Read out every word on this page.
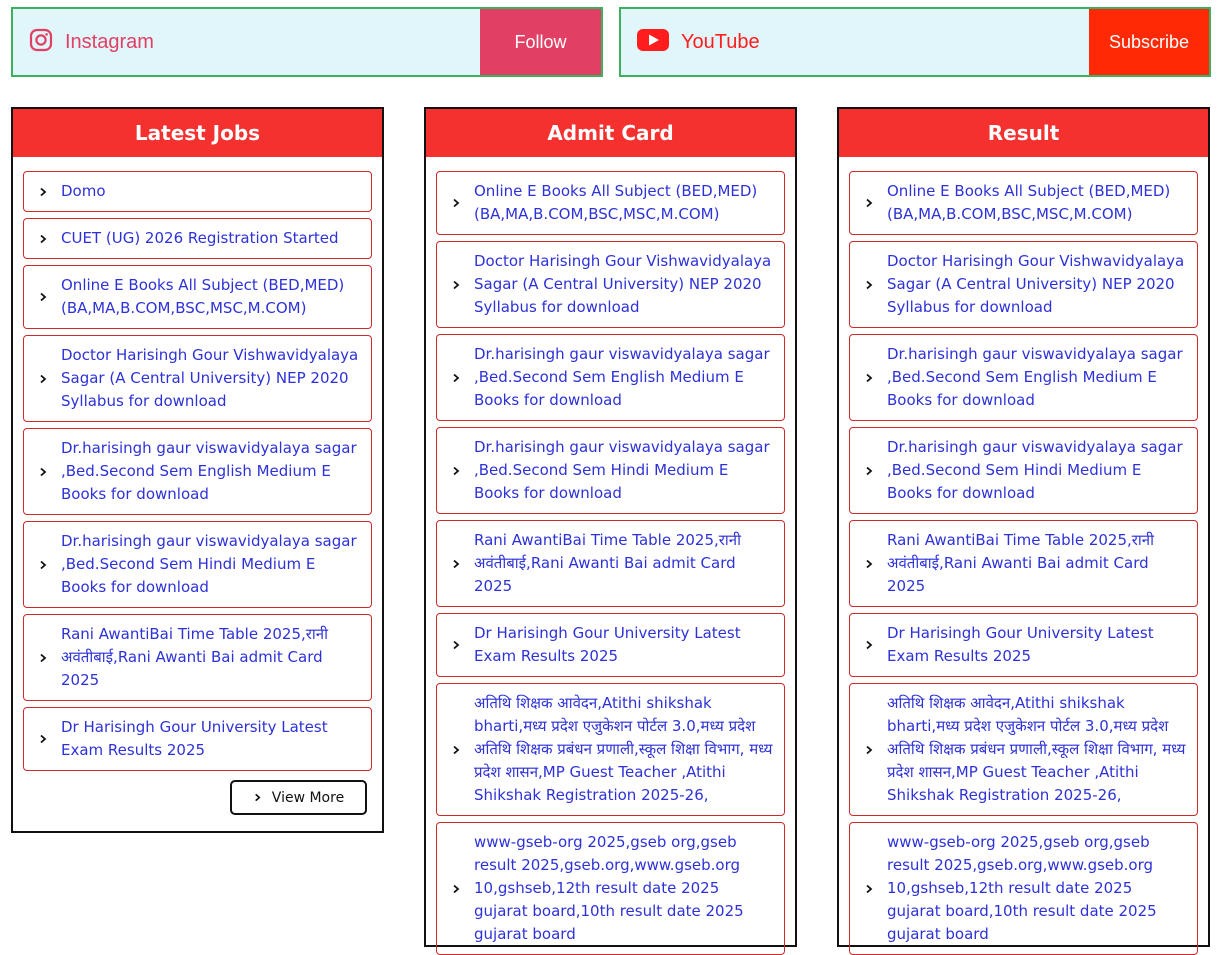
Instagram	Follow	YouTube	Subscribe
Latest Jobs
Domo
CUET (UG) 2026 Registration Started
Online E Books All Subject (BED,MED) (BA,MA,B.COM,BSC,MSC,M.COM)
Doctor Harisingh Gour Vishwavidyalaya Sagar (A Central University) NEP 2020 Syllabus for download
Dr.harisingh gaur viswavidyalaya sagar ,Bed.Second Sem English Medium E Books for download
Dr.harisingh gaur viswavidyalaya sagar ,Bed.Second Sem Hindi Medium E Books for download
Rani AwantiBai Time Table 2025,रानी अवंतीबाई,Rani Awanti Bai admit Card 2025
Dr Harisingh Gour University Latest Exam Results 2025
View More
Admit Card
Online E Books All Subject (BED,MED) (BA,MA,B.COM,BSC,MSC,M.COM)
Doctor Harisingh Gour Vishwavidyalaya Sagar (A Central University) NEP 2020 Syllabus for download
Dr.harisingh gaur viswavidyalaya sagar ,Bed.Second Sem English Medium E Books for download
Dr.harisingh gaur viswavidyalaya sagar ,Bed.Second Sem Hindi Medium E Books for download
Rani AwantiBai Time Table 2025,रानी अवंतीबाई,Rani Awanti Bai admit Card 2025
Dr Harisingh Gour University Latest Exam Results 2025
अतिथि शिक्षक आवेदन,Atithi shikshak bharti,मध्य प्रदेश एजुकेशन पोर्टल 3.0,मध्य प्रदेश अतिथि शिक्षक प्रबंधन प्रणाली,स्कूल शिक्षा विभाग, मध्य प्रदेश शासन,MP Guest Teacher ,Atithi Shikshak Registration 2025-26,
www-gseb-org 2025,gseb org,gseb result 2025,gseb.org,www.gseb.org 10,gshseb,12th result date 2025 gujarat board,10th result date 2025 gujarat board
Result
Online E Books All Subject (BED,MED) (BA,MA,B.COM,BSC,MSC,M.COM)
Doctor Harisingh Gour Vishwavidyalaya Sagar (A Central University) NEP 2020 Syllabus for download
Dr.harisingh gaur viswavidyalaya sagar ,Bed.Second Sem English Medium E Books for download
Dr.harisingh gaur viswavidyalaya sagar ,Bed.Second Sem Hindi Medium E Books for download
Rani AwantiBai Time Table 2025,रानी अवंतीबाई,Rani Awanti Bai admit Card 2025
Dr Harisingh Gour University Latest Exam Results 2025
अतिथि शिक्षक आवेदन,Atithi shikshak bharti,मध्य प्रदेश एजुकेशन पोर्टल 3.0,मध्य प्रदेश अतिथि शिक्षक प्रबंधन प्रणाली,स्कूल शिक्षा विभाग, मध्य प्रदेश शासन,MP Guest Teacher ,Atithi Shikshak Registration 2025-26,
www-gseb-org 2025,gseb org,gseb result 2025,gseb.org,www.gseb.org 10,gshseb,12th result date 2025 gujarat board,10th result date 2025 gujarat board
